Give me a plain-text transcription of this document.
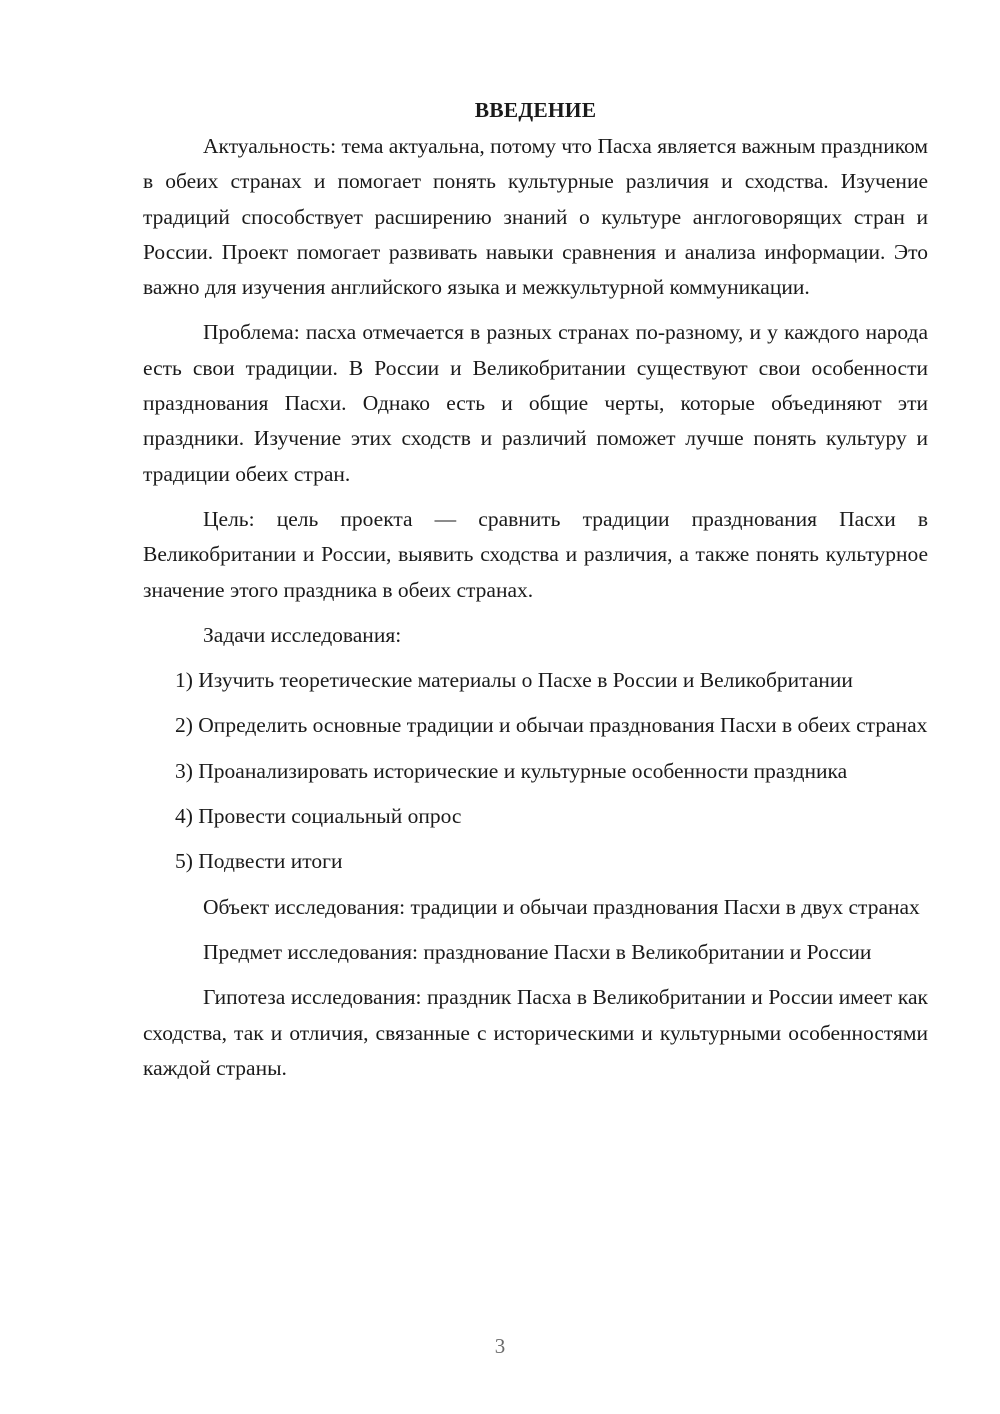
ВВЕДЕНИЕ

Актуальность: тема актуальна, потому что Пасха является важным праздником в обеих странах и помогает понять культурные различия и сходства. Изучение традиций способствует расширению знаний о культуре англоговорящих стран и России. Проект помогает развивать навыки сравнения и анализа информации. Это важно для изучения английского языка и межкультурной коммуникации.

Проблема: пасха отмечается в разных странах по-разному, и у каждого народа есть свои традиции. В России и Великобритании существуют свои особенности празднования Пасхи. Однако есть и общие черты, которые объединяют эти праздники. Изучение этих сходств и различий поможет лучше понять культуру и традиции обеих стран.

Цель: цель проекта — сравнить традиции празднования Пасхи в Великобритании и России, выявить сходства и различия, а также понять культурное значение этого праздника в обеих странах.

Задачи исследования:

1) Изучить теоретические материалы о Пасхе в России и Великобритании

2) Определить основные традиции и обычаи празднования Пасхи в обеих странах

3) Проанализировать исторические и культурные особенности праздника

4) Провести социальный опрос

5) Подвести итоги

Объект исследования: традиции и обычаи празднования Пасхи в двух странах

Предмет исследования: празднование Пасхи в Великобритании и России

Гипотеза исследования: праздник Пасха в Великобритании и России имеет как сходства, так и отличия, связанные с историческими и культурными особенностями каждой страны.

3
